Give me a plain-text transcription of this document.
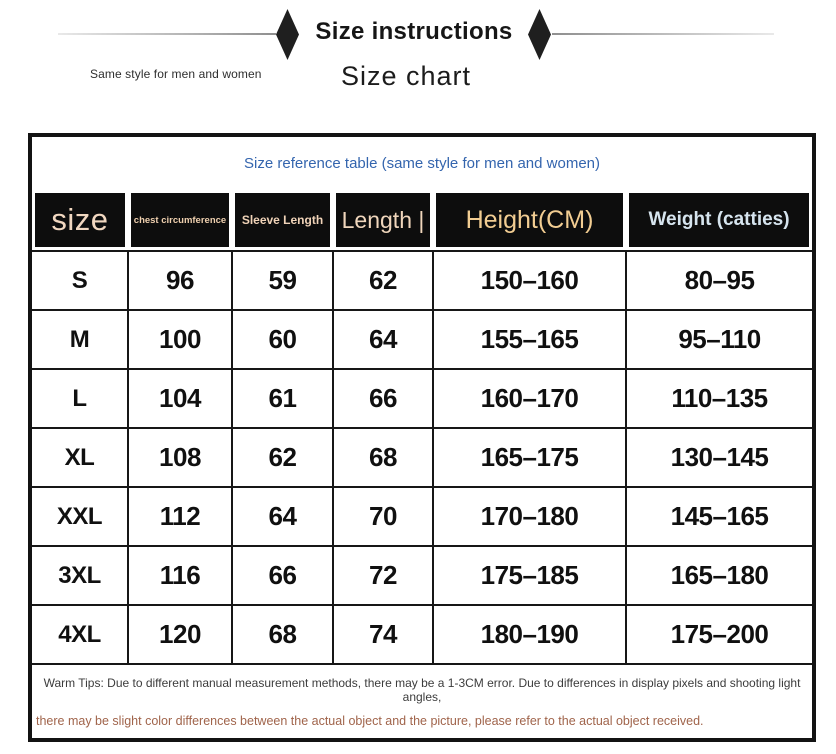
Size instructions
Same style for men and women	Size chart
Size reference table (same style for men and women)					

size	chest circumference	Sleeve Length	Length |	Height(CM)	Weight (catties)

S	96	59	62	150–160	80–95
M	100	60	64	155–165	95–110
L	104	61	66	160–170	110–135
XL	108	62	68	165–175	130–145
XXL	112	64	70	170–180	145–165
3XL	116	66	72	175–185	165–180
4XL	120	68	74	180–190	175–200

Warm Tips: Due to different manual measurement methods, there may be a 1-3CM error. Due to differences in display pixels and shooting light angles,

there may be slight color differences between the actual object and the picture, please refer to the actual object received.					
